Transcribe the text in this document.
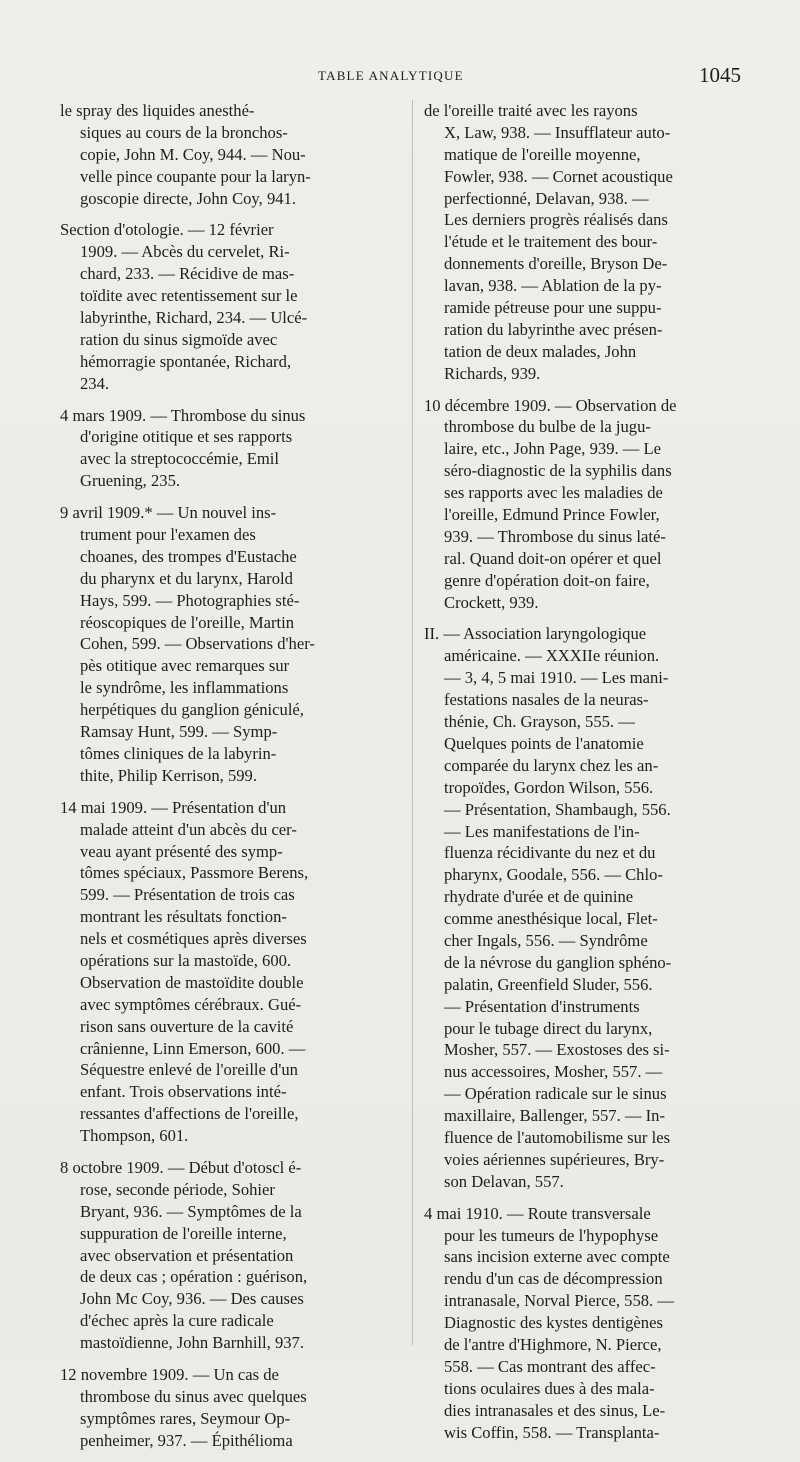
TABLE ANALYTIQUE	1045
le spray des liquides anesthé-
siques au cours de la bronchos-
copie, John M. Coy, 944. — Nou-
velle pince coupante pour la laryn-
goscopie directe, John Coy, 941.
Section d'otologie. — 12 février
1909. — Abcès du cervelet, Ri-
chard, 233. — Récidive de mas-
toïdite avec retentissement sur le
labyrinthe, Richard, 234. — Ulcé-
ration du sinus sigmoïde avec
hémorragie spontanée, Richard,
234.
4 mars 1909. — Thrombose du sinus
d'origine otitique et ses rapports
avec la streptococcémie, Emil
Gruening, 235.
9 avril 1909.* — Un nouvel ins-
trument pour l'examen des
choanes, des trompes d'Eustache
du pharynx et du larynx, Harold
Hays, 599. — Photographies sté-
réoscopiques de l'oreille, Martin
Cohen, 599. — Observations d'her-
pès otitique avec remarques sur
le syndrôme, les inflammations
herpétiques du ganglion géniculé,
Ramsay Hunt, 599. — Symp-
tômes cliniques de la labyrin-
thite, Philip Kerrison, 599.
14 mai 1909. — Présentation d'un
malade atteint d'un abcès du cer-
veau ayant présenté des symp-
tômes spéciaux, Passmore Berens,
599. — Présentation de trois cas
montrant les résultats fonction-
nels et cosmétiques après diverses
opérations sur la mastoïde, 600.
Observation de mastoïdite double
avec symptômes cérébraux. Gué-
rison sans ouverture de la cavité
crânienne, Linn Emerson, 600. —
Séquestre enlevé de l'oreille d'un
enfant. Trois observations inté-
ressantes d'affections de l'oreille,
Thompson, 601.
8 octobre 1909. — Début d'otoscl é-
rose, seconde période, Sohier
Bryant, 936. — Symptômes de la
suppuration de l'oreille interne,
avec observation et présentation
de deux cas ; opération : guérison,
John Mc Coy, 936. — Des causes
d'échec après la cure radicale
mastoïdienne, John Barnhill, 937.
12 novembre 1909. — Un cas de
thrombose du sinus avec quelques
symptômes rares, Seymour Op-
penheimer, 937. — Épithélioma
de l'oreille traité avec les rayons
X, Law, 938. — Insufflateur auto-
matique de l'oreille moyenne,
Fowler, 938. — Cornet acoustique
perfectionné, Delavan, 938. —
Les derniers progrès réalisés dans
l'étude et le traitement des bour-
donnements d'oreille, Bryson De-
lavan, 938. — Ablation de la py-
ramide pétreuse pour une suppu-
ration du labyrinthe avec présen-
tation de deux malades, John
Richards, 939.
10 décembre 1909. — Observation de
thrombose du bulbe de la jugu-
laire, etc., John Page, 939. — Le
séro-diagnostic de la syphilis dans
ses rapports avec les maladies de
l'oreille, Edmund Prince Fowler,
939. — Thrombose du sinus laté-
ral. Quand doit-on opérer et quel
genre d'opération doit-on faire,
Crockett, 939.
II. — Association laryngologique
américaine. — XXXIIe réunion.
— 3, 4, 5 mai 1910. — Les mani-
festations nasales de la neuras-
thénie, Ch. Grayson, 555. —
Quelques points de l'anatomie
comparée du larynx chez les an-
tropoïdes, Gordon Wilson, 556.
— Présentation, Shambaugh, 556.
— Les manifestations de l'in-
fluenza récidivante du nez et du
pharynx, Goodale, 556. — Chlo-
rhydrate d'urée et de quinine
comme anesthésique local, Flet-
cher Ingals, 556. — Syndrôme
de la névrose du ganglion sphéno-
palatin, Greenfield Sluder, 556.
— Présentation d'instruments
pour le tubage direct du larynx,
Mosher, 557. — Exostoses des si-
nus accessoires, Mosher, 557. —
— Opération radicale sur le sinus
maxillaire, Ballenger, 557. — In-
fluence de l'automobilisme sur les
voies aériennes supérieures, Bry-
son Delavan, 557.
4 mai 1910. — Route transversale
pour les tumeurs de l'hypophyse
sans incision externe avec compte
rendu d'un cas de décompression
intranasale, Norval Pierce, 558. —
Diagnostic des kystes dentigènes
de l'antre d'Highmore, N. Pierce,
558. — Cas montrant des affec-
tions oculaires dues à des mala-
dies intranasales et des sinus, Le-
wis Coffin, 558. — Transplanta-
